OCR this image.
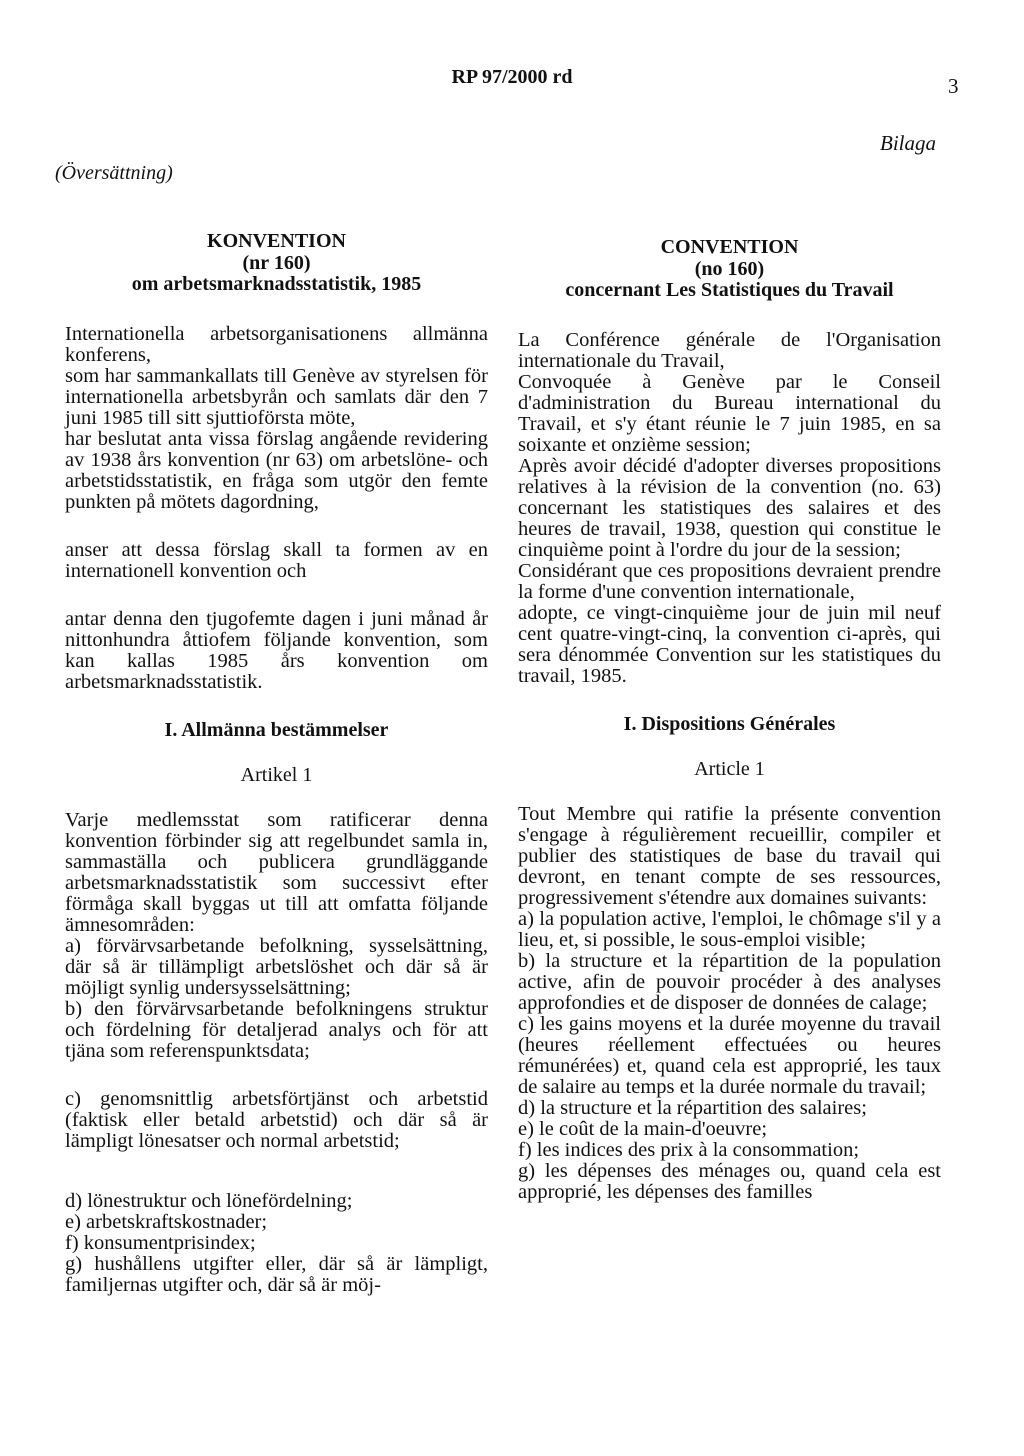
RP 97/2000 rd	3
Bilaga
(Översättning)

KONVENTION

(nr 160)

om arbetsmarknadsstatistik, 1985

Internationella arbetsorganisationens allmänna konferens,

som har sammankallats till Genève av styrelsen för internationella arbetsbyrån och samlats där den 7 juni 1985 till sitt sjuttioförsta möte,

har beslutat anta vissa förslag angående revidering av 1938 års konvention (nr 63) om arbetslöne- och arbetstidsstatistik, en fråga som utgör den femte punkten på mötets dagordning,

anser att dessa förslag skall ta formen av en internationell konvention och

antar denna den tjugofemte dagen i juni månad år nittonhundra åttiofem följande konvention, som kan kallas 1985 års konvention om arbetsmarknadsstatistik.

I. Allmänna bestämmelser

Artikel 1

Varje medlemsstat som ratificerar denna konvention förbinder sig att regelbundet samla in, sammaställa och publicera grundläggande arbetsmarknadsstatistik som successivt efter förmåga skall byggas ut till att omfatta följande ämnesområden:

a) förvärvsarbetande befolkning, sysselsättning, där så är tillämpligt arbetslöshet och där så är möjligt synlig undersysselsättning;

b) den förvärvsarbetande befolkningens struktur och fördelning för detaljerad analys och för att tjäna som referenspunktsdata;

c) genomsnittlig arbetsförtjänst och arbetstid (faktisk eller betald arbetstid) och där så är lämpligt lönesatser och normal arbetstid;

d) lönestruktur och lönefördelning;

e) arbetskraftskostnader;

f) konsumentprisindex;

g) hushållens utgifter eller, där så är lämpligt, familjernas utgifter och, där så är möj-

CONVENTION

(no 160)

concernant Les Statistiques du Travail

La Conférence générale de l'Organisation internationale du Travail,

Convoquée à Genève par le Conseil d'administration du Bureau international du Travail, et s'y étant réunie le 7 juin 1985, en sa soixante et onzième session;

Après avoir décidé d'adopter diverses propositions relatives à la révision de la convention (no. 63) concernant les statistiques des salaires et des heures de travail, 1938, question qui constitue le cinquième point à l'ordre du jour de la session;

Considérant que ces propositions devraient prendre la forme d'une convention internationale,

adopte, ce vingt-cinquième jour de juin mil neuf cent quatre-vingt-cinq, la convention ci-après, qui sera dénommée Convention sur les statistiques du travail, 1985.

I. Dispositions Générales

Article 1

Tout Membre qui ratifie la présente convention s'engage à régulièrement recueillir, compiler et publier des statistiques de base du travail qui devront, en tenant compte de ses ressources, progressivement s'étendre aux domaines suivants:

a) la population active, l'emploi, le chômage s'il y a lieu, et, si possible, le sous-emploi visible;

b) la structure et la répartition de la population active, afin de pouvoir procéder à des analyses approfondies et de disposer de données de calage;

c) les gains moyens et la durée moyenne du travail (heures réellement effectuées ou heures rémunérées) et, quand cela est approprié, les taux de salaire au temps et la durée normale du travail;

d) la structure et la répartition des salaires;

e) le coût de la main-d'oeuvre;

f) les indices des prix à la consommation;

g) les dépenses des ménages ou, quand cela est approprié, les dépenses des familles
